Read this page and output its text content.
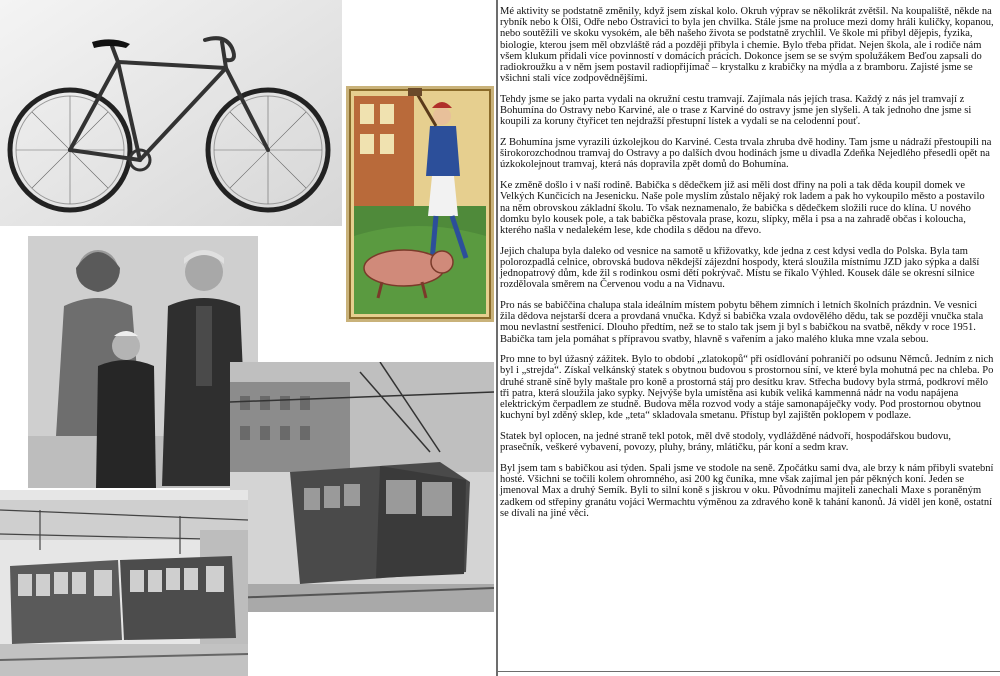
Mé aktivity se podstatně změnily, když jsem získal kolo. Okruh výprav se několikrát zvětšil. Na koupaliště, někde na rybník nebo k Olši, Odře nebo Ostravici to byla jen chvilka. Stále jsme na proluce mezi domy hráli kuličky, kopanou, nebo soutěžili ve skoku vysokém, ale běh našeho života se podstatně zrychlil. Ve škole mi přibyl dějepis, fyzika, biologie, kterou jsem měl obzvláště rád a později přibyla i chemie. Bylo třeba přidat. Nejen škola, ale i rodiče nám všem klukum přidali více povinností v domácích prácích. Dokonce jsem se se svým spolužákem Beďou zapsali do radiokroužku a v něm jsem postavil radiopřijímač – krystalku z krabičky na mýdla a z bramboru. Zajisté jsme se všichni stali více zodpovědnějšími.

Tehdy jsme se jako parta vydali na okružní cestu tramvají. Zajímala nás jejích trasa. Každý z nás jel tramvají z Bohumína do Ostravy nebo Karviné, ale o trase z Karviné do ostravy jsme jen slyšeli. A tak jednoho dne jsme si koupili za koruny čtyřicet ten nejdražší přestupní lístek a vydali se na celodenní pouť.

Z Bohumína jsme vyrazili úzkolejkou do Karviné. Cesta trvala zhruba dvě hodiny. Tam jsme u nádraží přestoupili na širokorozchodnou tramvaj do Ostravy a po dalších dvou hodinách jsme u divadla Zdeňka Nejedlého přesedli opět na úzkokolejnout tramvaj, která nás dopravila zpět domů do Bohumína.

Ke změně došlo i v naší rodině. Babička s dědečkem již asi měli dost dřiny na poli a tak děda koupil domek ve Velkých Kunčicích na Jesenicku. Naše pole myslím zůstalo nějaký rok ladem a pak ho vykoupilo město a postavilo na něm obrovskou základní školu. To však neznamenalo, že babička s dědečkem složili ruce do klína. U nového domku bylo kousek pole, a tak babička pěstovala prase, kozu, slípky, měla i psa a na zahradě občas i koloucha, kterého našla v nedalekém lese, kde chodila s dědou na dřevo.

Jejich chalupa byla daleko od vesnice na samotě u křižovatky, kde jedna z cest kdysi vedla do Polska. Byla tam polorozpadlá celnice, obrovská budova někdejší zájezdní hospody, která sloužila místnímu JZD jako sýpka a další jednopatrový dům, kde žil s rodinkou osmi dětí pokrývač. Místu se říkalo Výhled. Kousek dále se okresní silnice rozdělovala směrem na Červenou vodu a na Vidnavu.

Pro nás se babiččina chalupa stala ideálním místem pobytu během zimních i letních školních prázdnin. Ve vesnici žila dědova nejstarší dcera a provdaná vnučka. Když si babička vzala ovdovělého dědu, tak se později vnučka stala mou nevlastní sestřenicí. Dlouho předtím, než se to stalo tak jsem ji byl s babičkou na svatbě, někdy v roce 1951. Babička tam jela pomáhat s přípravou svatby, hlavně s vařením a jako malého kluka mne vzala sebou.

Pro mne to byl úžasný zážitek. Bylo to období „zlatokopů“ při osídlování pohraničí po odsunu Němců. Jedním z nich byl i „strejda“. Získal velkánský statek s obytnou budovou s prostornou síní, ve které byla mohutná pec na chleba. Po druhé straně síně byly maštale pro koně a prostorná stáj pro desítku krav. Střecha budovy byla strmá, podkroví mělo tři patra, která sloužila jako sypky. Nejvýše byla umístěna asi kubík veliká kammenná nádr na vodu napájena elektrickým čerpadlem ze studně. Budova měla rozvod vody a stáje samonapáječky vody. Pod prostornou obytnou kuchyní byl zděný sklep, kde „teta“ skladovala smetanu. Přístup byl zajištěn poklopem v podlaze.

Statek byl oplocen, na jedné straně tekl potok, měl dvě stodoly, vydlážděné nádvoří, hospodářskou budovu, prasečník, veškeré vybavení, povozy, pluhy, brány, mlátičku, pár koní a sedm krav.

Byl jsem tam s babičkou asi týden. Spali jsme ve stodole na seně. Zpočátku sami dva, ale brzy k nám přibyli svatební hosté. Všichni se točili kolem ohromného, asi 200 kg čuníka, mne však zajímal jen pár pěkných koní. Jeden se jmenoval Max a druhý Semík. Byli to silní koně s jiskrou v oku. Původnímu majiteli zanechali Maxe s poraněným zadkem od střepiny granátu vojáci Wermachtu výměnou za zdravého koně k tahání kanonů. Já viděl jen koně, ostatní se dívali na jiné věci.
